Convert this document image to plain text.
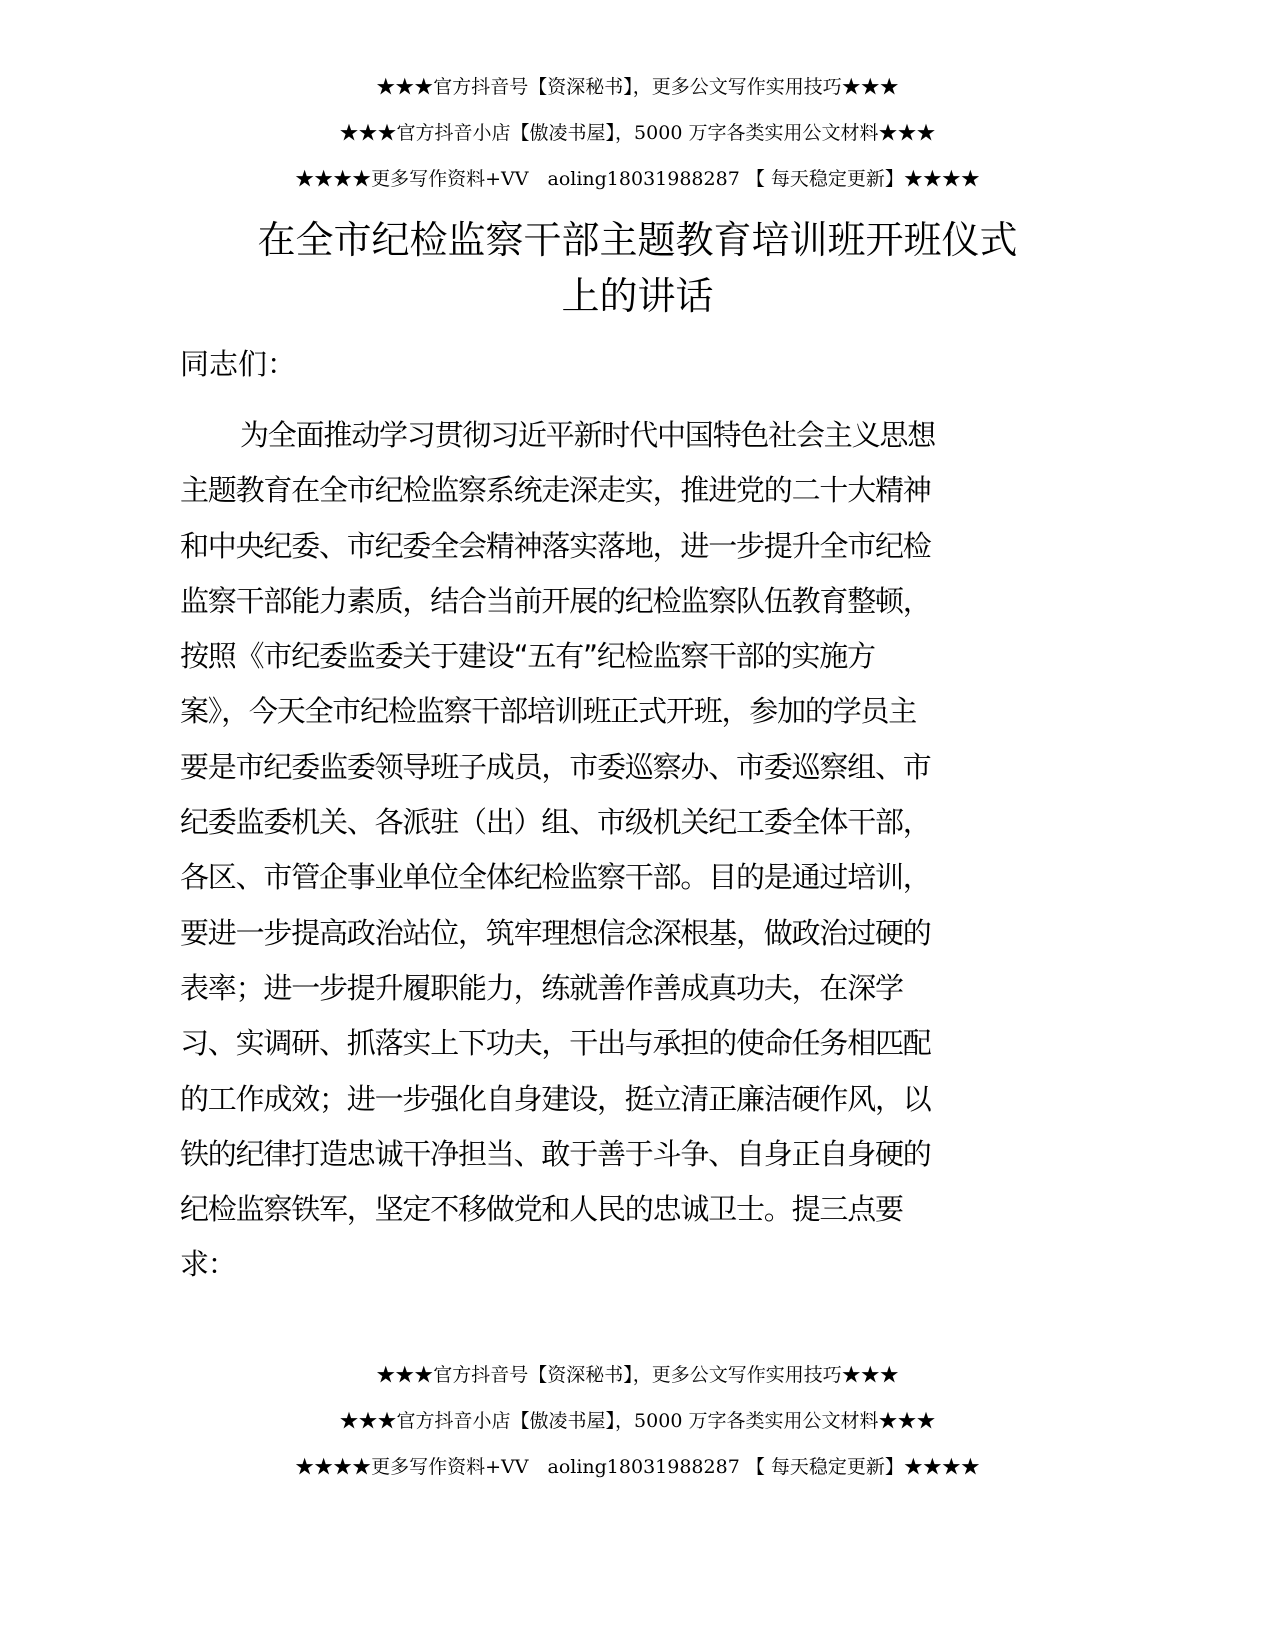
★★★官方抖音号【资深秘书】，更多公文写作实用技巧★★★
★★★官方抖音小店【傲凌书屋】，5000 万字各类实用公文材料★★★
★★★★更多写作资料+VV　aoling18031988287 【 每天稳定更新】★★★★
在全市纪检监察干部主题教育培训班开班仪式
上的讲话
同志们：
为全面推动学习贯彻习近平新时代中国特色社会主义思想
主题教育在全市纪检监察系统走深走实，推进党的二十大精神
和中央纪委、市纪委全会精神落实落地，进一步提升全市纪检
监察干部能力素质，结合当前开展的纪检监察队伍教育整顿，
按照《市纪委监委关于建设“五有”纪检监察干部的实施方
案》，今天全市纪检监察干部培训班正式开班，参加的学员主
要是市纪委监委领导班子成员，市委巡察办、市委巡察组、市
纪委监委机关、各派驻（出）组、市级机关纪工委全体干部，
各区、市管企事业单位全体纪检监察干部。目的是通过培训，
要进一步提高政治站位，筑牢理想信念深根基，做政治过硬的
表率；进一步提升履职能力，练就善作善成真功夫，在深学
习、实调研、抓落实上下功夫，干出与承担的使命任务相匹配
的工作成效；进一步强化自身建设，挺立清正廉洁硬作风，以
铁的纪律打造忠诚干净担当、敢于善于斗争、自身正自身硬的
纪检监察铁军，坚定不移做党和人民的忠诚卫士。提三点要
求：
★★★官方抖音号【资深秘书】，更多公文写作实用技巧★★★
★★★官方抖音小店【傲凌书屋】，5000 万字各类实用公文材料★★★
★★★★更多写作资料+VV　aoling18031988287 【 每天稳定更新】★★★★
